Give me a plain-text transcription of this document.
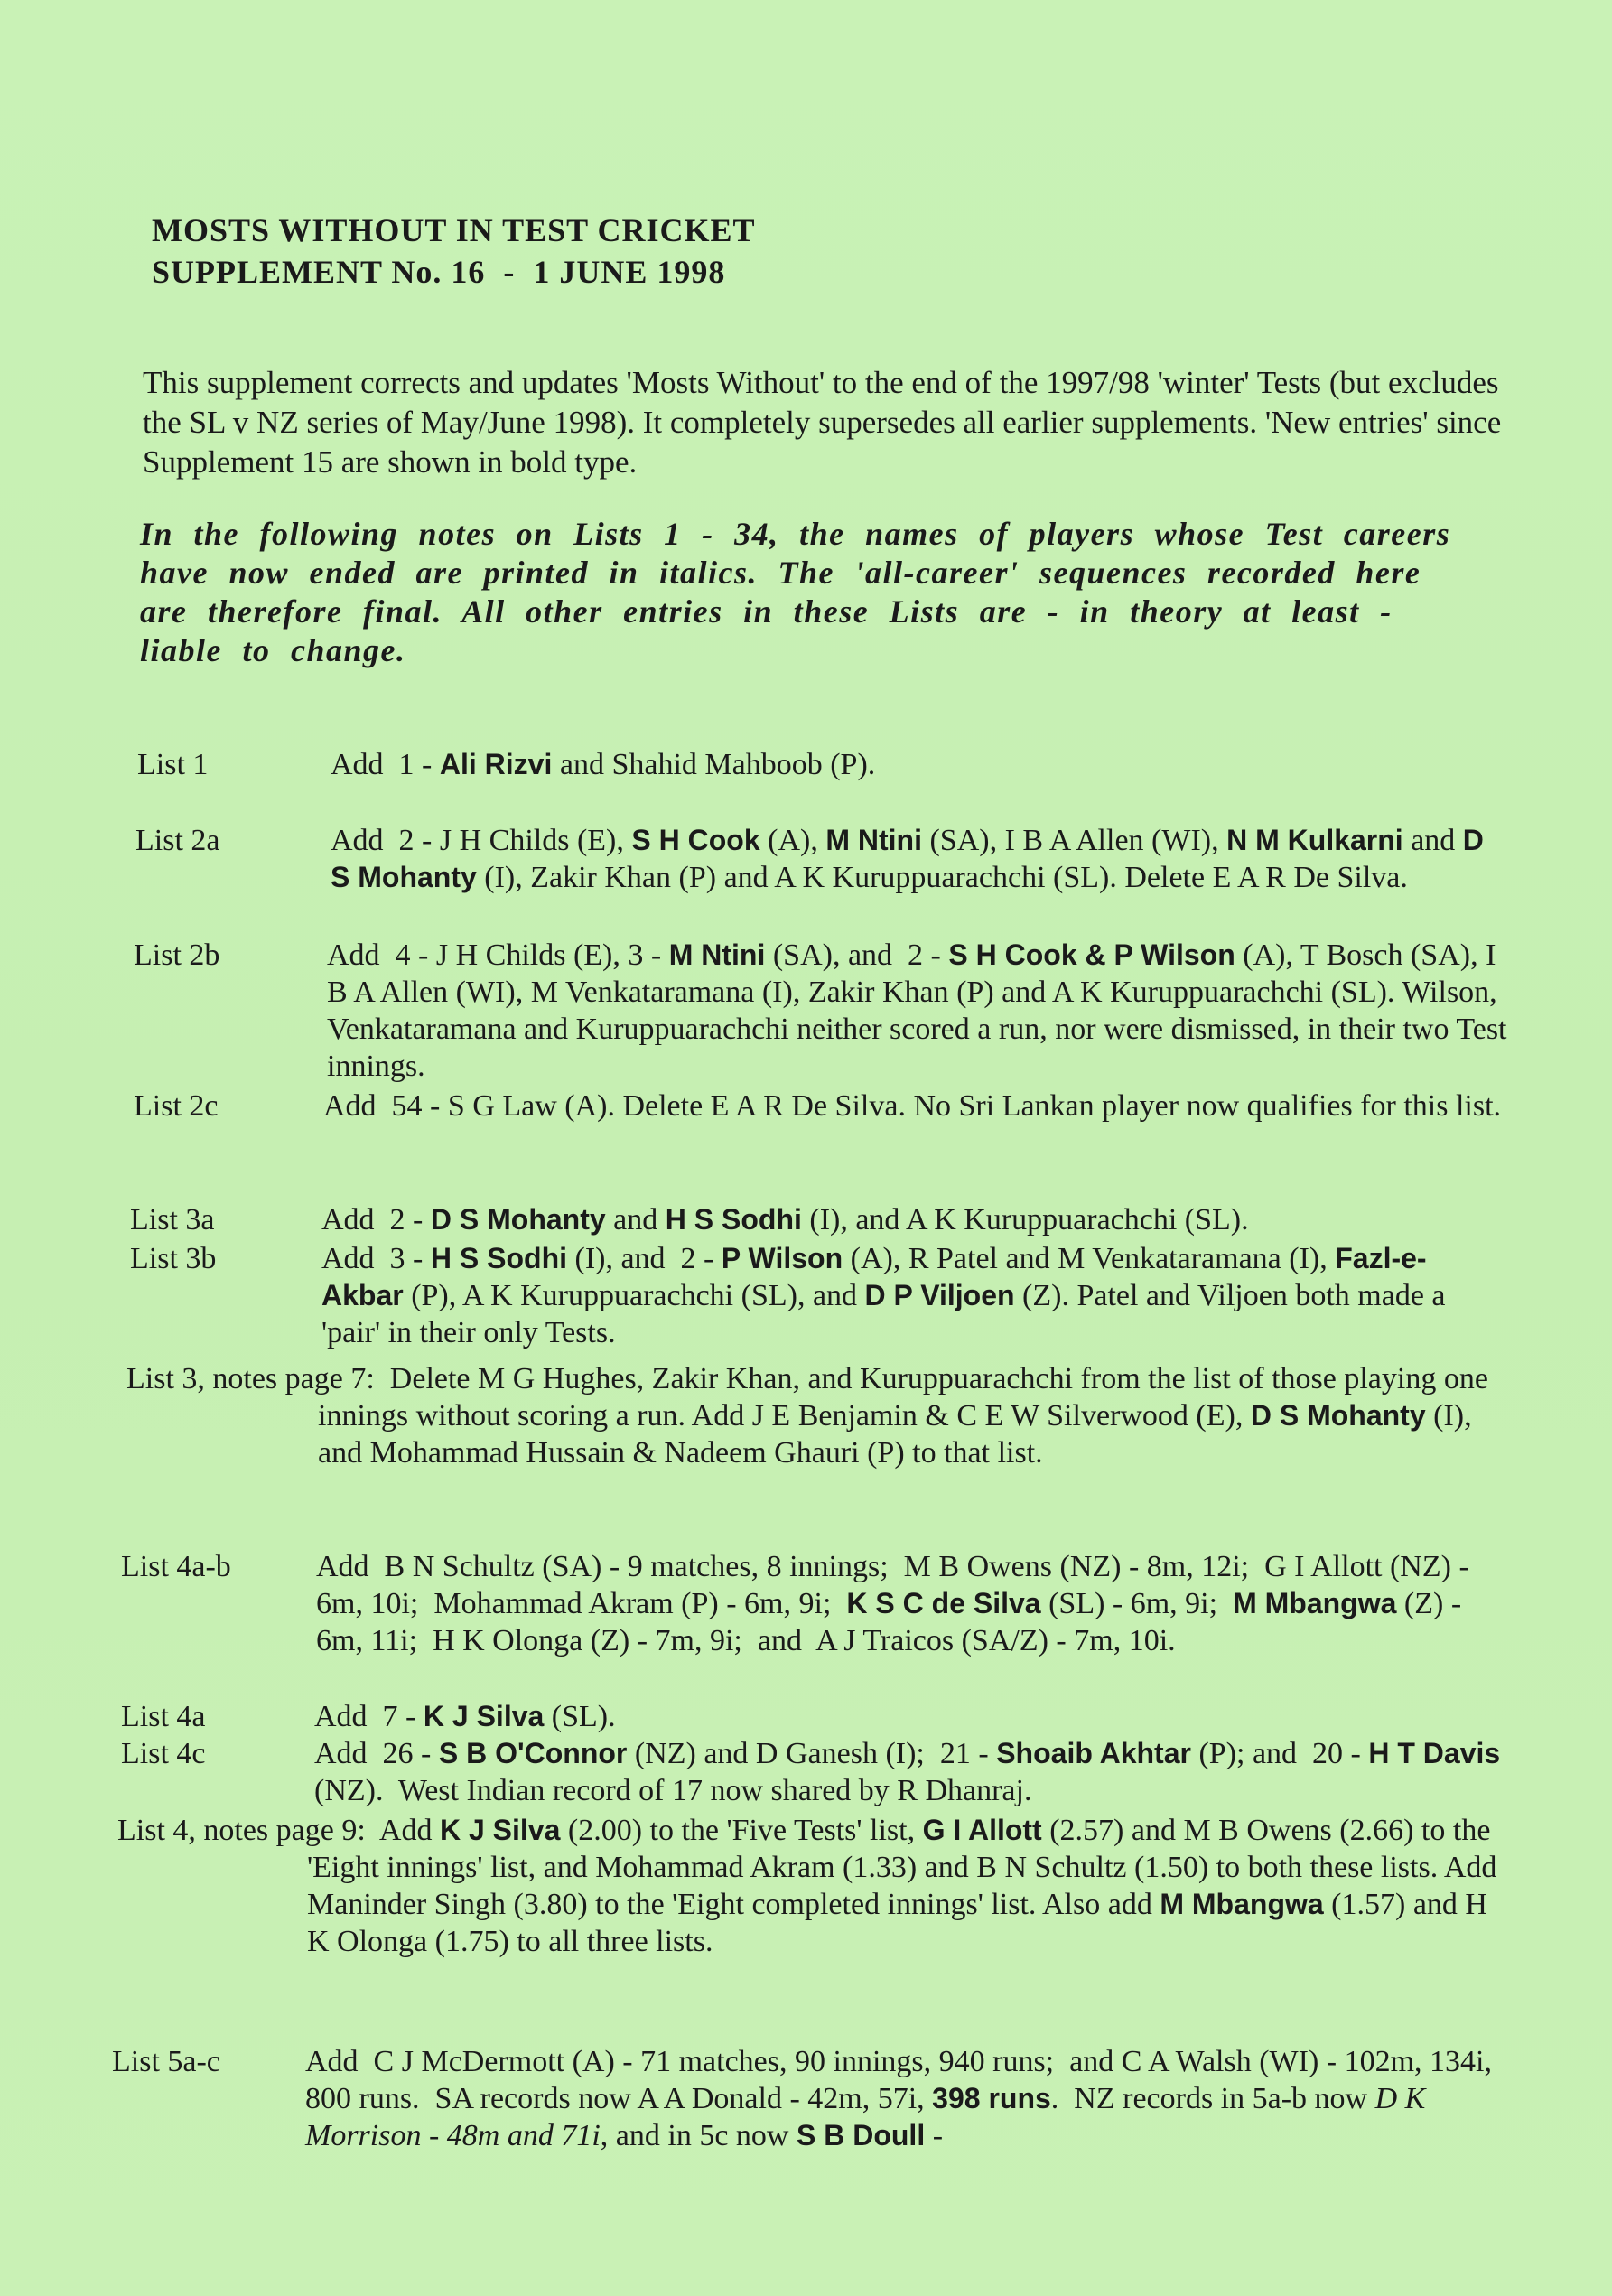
MOSTS WITHOUT IN TEST CRICKET
SUPPLEMENT No. 16  -  1 JUNE 1998
This supplement corrects and updates 'Mosts Without' to the end of the 1997/98 'winter' Tests (but excludes the SL v NZ series of May/June 1998). It completely supersedes all earlier supplements. 'New entries' since Supplement 15 are shown in bold type.
In the following notes on Lists 1 - 34, the names of players whose Test careers have now ended are printed in italics. The 'all-career' sequences recorded here are therefore final. All other entries in these Lists are - in theory at least - liable to change.
List 1	Add  1 - Ali Rizvi and Shahid Mahboob (P).

List 2a	Add  2 - J H Childs (E), S H Cook (A), M Ntini (SA), I B A Allen (WI), N M Kulkarni and D S Mohanty (I), Zakir Khan (P) and A K Kuruppuarachchi (SL). Delete E A R De Silva.

List 2b	Add  4 - J H Childs (E), 3 - M Ntini (SA), and  2 - S H Cook & P Wilson (A), T Bosch (SA), I B A Allen (WI), M Venkataramana (I), Zakir Khan (P) and A K Kuruppuarachchi (SL). Wilson, Venkataramana and Kuruppuarachchi neither scored a run, nor were dismissed, in their two Test innings.

List 2c	Add  54 - S G Law (A). Delete E A R De Silva. No Sri Lankan player now qualifies for this list.

List 3a	Add  2 - D S Mohanty and H S Sodhi (I), and A K Kuruppuarachchi (SL).

List 3b	Add  3 - H S Sodhi (I), and  2 - P Wilson (A), R Patel and M Venkataramana (I), Fazl-e-Akbar (P), A K Kuruppuarachchi (SL), and D P Viljoen (Z). Patel and Viljoen both made a 'pair' in their only Tests.

List 3, notes page 7:  Delete M G Hughes, Zakir Khan, and Kuruppuarachchi from the list of those playing one innings without scoring a run. Add J E Benjamin & C E W Silverwood (E), D S Mohanty (I), and Mohammad Hussain & Nadeem Ghauri (P) to that list.

List 4a-b	Add  B N Schultz (SA) - 9 matches, 8 innings;  M B Owens (NZ) - 8m, 12i;  G I Allott (NZ) - 6m, 10i;  Mohammad Akram (P) - 6m, 9i;  K S C de Silva (SL) - 6m, 9i;  M Mbangwa (Z) - 6m, 11i;  H K Olonga (Z) - 7m, 9i;  and  A J Traicos (SA/Z) - 7m, 10i.

List 4a	Add  7 - K J Silva (SL).

List 4c	Add  26 - S B O'Connor (NZ) and D Ganesh (I);  21 - Shoaib Akhtar (P); and  20 - H T Davis (NZ).  West Indian record of 17 now shared by R Dhanraj.

List 4, notes page 9:  Add K J Silva (2.00) to the 'Five Tests' list, G I Allott (2.57) and M B Owens (2.66) to the 'Eight innings' list, and Mohammad Akram (1.33) and B N Schultz (1.50) to both these lists. Add Maninder Singh (3.80) to the 'Eight completed innings' list. Also add M Mbangwa (1.57) and H K Olonga (1.75) to all three lists.

List 5a-c	Add  C J McDermott (A) - 71 matches, 90 innings, 940 runs;  and C A Walsh (WI) - 102m, 134i, 800 runs.  SA records now A A Donald - 42m, 57i, 398 runs.  NZ records in 5a-b now D K Morrison - 48m and 71i, and in 5c now S B Doull -
